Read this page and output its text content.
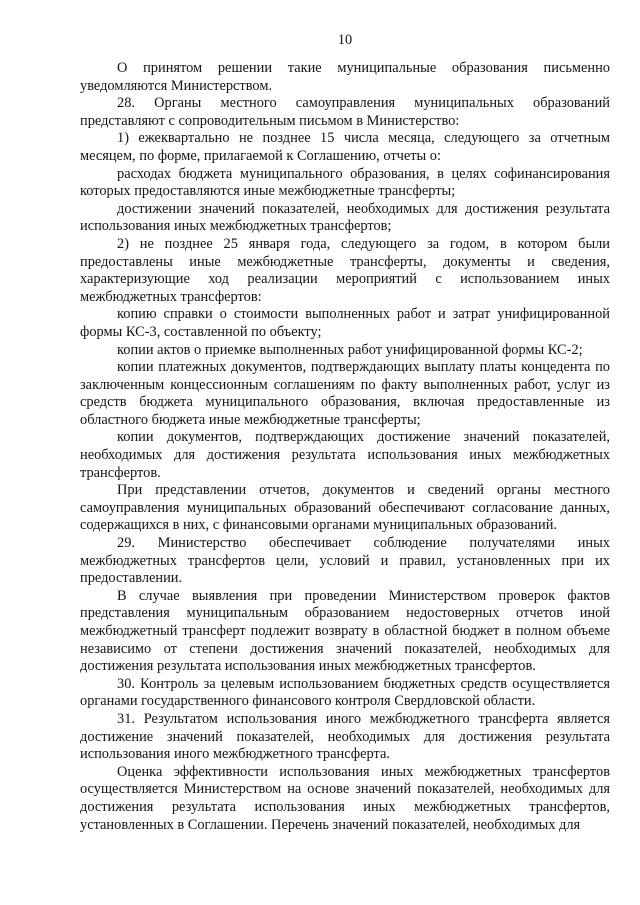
10

О принятом решении такие муниципальные образования письменно уведомляются Министерством.

28. Органы местного самоуправления муниципальных образований представляют с сопроводительным письмом в Министерство:

1) ежеквартально не позднее 15 числа месяца, следующего за отчетным месяцем, по форме, прилагаемой к Соглашению, отчеты о:

расходах бюджета муниципального образования, в целях софинансирования которых предоставляются иные межбюджетные трансферты;

достижении значений показателей, необходимых для достижения результата использования иных межбюджетных трансфертов;

2) не позднее 25 января года, следующего за годом, в котором были предоставлены иные межбюджетные трансферты, документы и сведения, характеризующие ход реализации мероприятий с использованием иных межбюджетных трансфертов:

копию справки о стоимости выполненных работ и затрат унифицированной формы КС-3, составленной по объекту;

копии актов о приемке выполненных работ унифицированной формы КС-2;

копии платежных документов, подтверждающих выплату платы концедента по заключенным концессионным соглашениям по факту выполненных работ, услуг из средств бюджета муниципального образования, включая предоставленные из областного бюджета иные межбюджетные трансферты;

копии документов, подтверждающих достижение значений показателей, необходимых для достижения результата использования иных межбюджетных трансфертов.

При представлении отчетов, документов и сведений органы местного самоуправления муниципальных образований обеспечивают согласование данных, содержащихся в них, с финансовыми органами муниципальных образований.

29. Министерство обеспечивает соблюдение получателями иных межбюджетных трансфертов цели, условий и правил, установленных при их предоставлении.

В случае выявления при проведении Министерством проверок фактов представления муниципальным образованием недостоверных отчетов иной межбюджетный трансферт подлежит возврату в областной бюджет в полном объеме независимо от степени достижения значений показателей, необходимых для достижения результата использования иных межбюджетных трансфертов.

30. Контроль за целевым использованием бюджетных средств осуществляется органами государственного финансового контроля Свердловской области.

31. Результатом использования иного межбюджетного трансферта является достижение значений показателей, необходимых для достижения результата использования иного межбюджетного трансферта.

Оценка эффективности использования иных межбюджетных трансфертов осуществляется Министерством на основе значений показателей, необходимых для достижения результата использования иных межбюджетных трансфертов, установленных в Соглашении. Перечень значений показателей, необходимых для
